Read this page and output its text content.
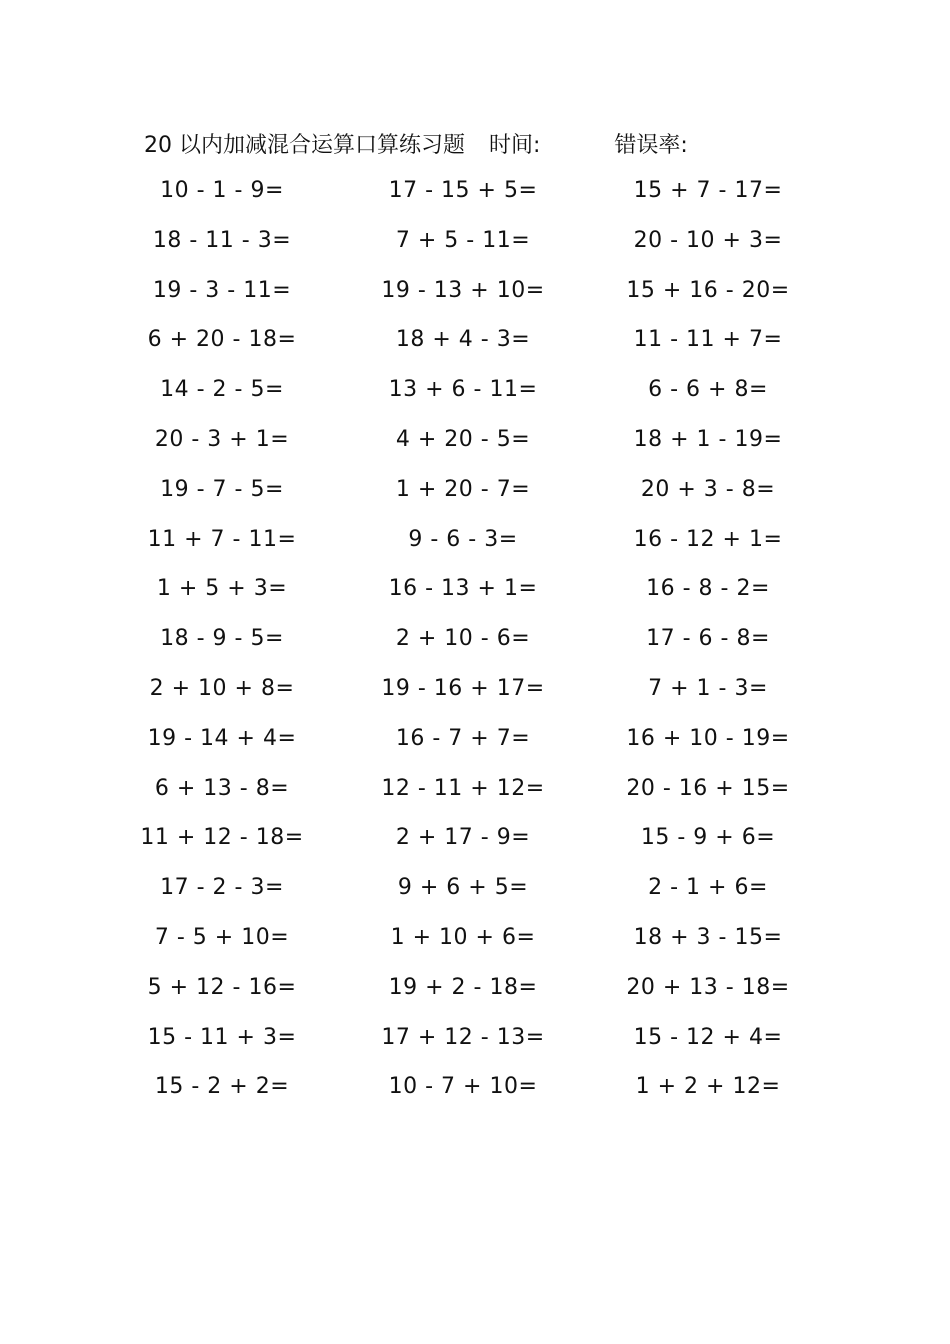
20 以内加减混合运算口算练习题 时间:	错误率:
10 - 1 - 9=	17 - 15 + 5=	15 + 7 - 17=
18 - 11 - 3=	7 + 5 - 11=	20 - 10 + 3=
19 - 3 - 11=	19 - 13 + 10=	15 + 16 - 20=
6 + 20 - 18=	18 + 4 - 3=	11 - 11 + 7=
14 - 2 - 5=	13 + 6 - 11=	6 - 6 + 8=
20 - 3 + 1=	4 + 20 - 5=	18 + 1 - 19=
19 - 7 - 5=	1 + 20 - 7=	20 + 3 - 8=
11 + 7 - 11=	9 - 6 - 3=	16 - 12 + 1=
1 + 5 + 3=	16 - 13 + 1=	16 - 8 - 2=
18 - 9 - 5=	2 + 10 - 6=	17 - 6 - 8=
2 + 10 + 8=	19 - 16 + 17=	7 + 1 - 3=
19 - 14 + 4=	16 - 7 + 7=	16 + 10 - 19=
6 + 13 - 8=	12 - 11 + 12=	20 - 16 + 15=
11 + 12 - 18=	2 + 17 - 9=	15 - 9 + 6=
17 - 2 - 3=	9 + 6 + 5=	2 - 1 + 6=
7 - 5 + 10=	1 + 10 + 6=	18 + 3 - 15=
5 + 12 - 16=	19 + 2 - 18=	20 + 13 - 18=
15 - 11 + 3=	17 + 12 - 13=	15 - 12 + 4=
15 - 2 + 2=	10 - 7 + 10=	1 + 2 + 12=
